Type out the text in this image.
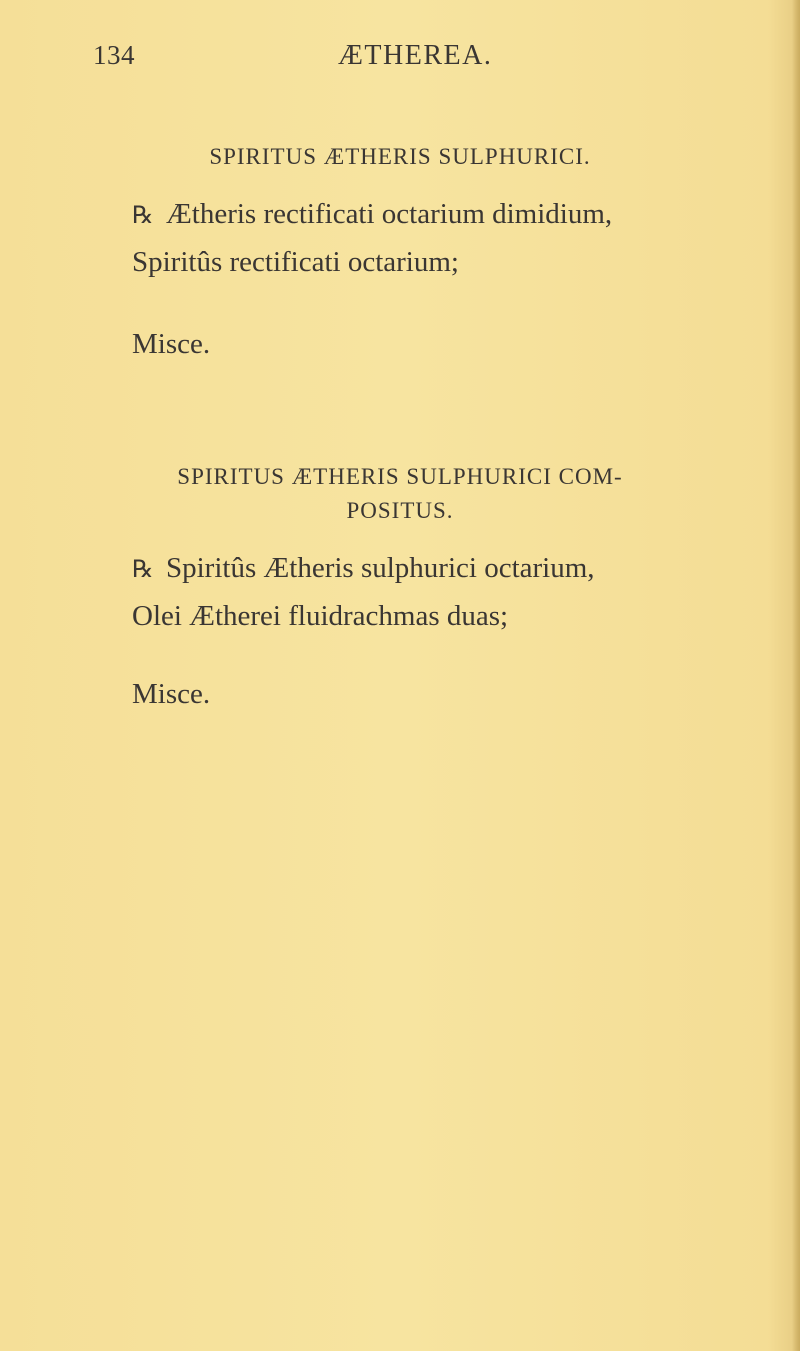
134	ÆTHEREA.
SPIRITUS ÆTHERIS SULPHURICI.
℞ Ætheris rectificati octarium dimidium,
Spiritûs rectificati octarium;
Misce.
SPIRITUS ÆTHERIS SULPHURICI COM-
POSITUS.
℞ Spiritûs Ætheris sulphurici octarium,
Olei Ætherei fluidrachmas duas;
Misce.
